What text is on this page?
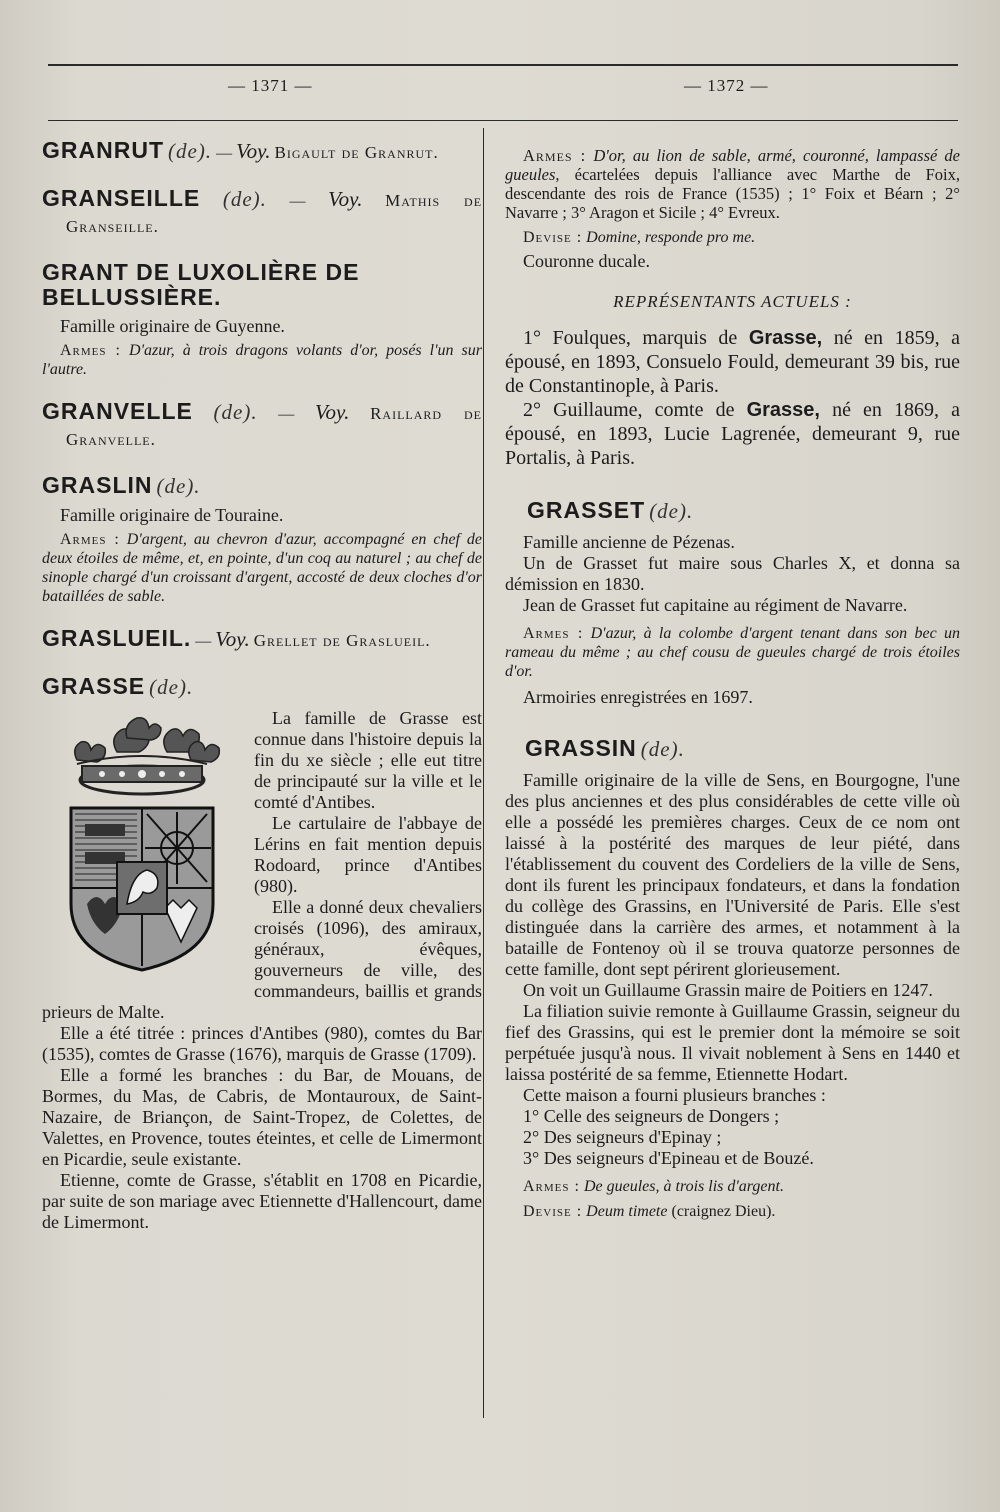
— 1371 —	— 1372 —
GRANRUT (de). — Voy. Bigault de Granrut.
GRANSEILLE (de). — Voy. Mathis de Granseille.
GRANT DE LUXOLIÈRE DE BELLUSSIÈRE.

Famille originaire de Guyenne.

Armes : D'azur, à trois dragons volants d'or, posés l'un sur l'autre.

GRANVELLE (de). — Voy. Raillard de Granvelle.
GRASLIN (de).

Famille originaire de Touraine.

Armes : D'argent, au chevron d'azur, accompagné en chef de deux étoiles de même, et, en pointe, d'un coq au naturel ; au chef de sinople chargé d'un croissant d'argent, accosté de deux cloches d'or bataillées de sable.

GRASLUEIL. — Voy. Grellet de Graslueil.
GRASSE (de).

La famille de Grasse est connue dans l'histoire depuis la fin du xe siècle ; elle eut titre de principauté sur la ville et le comté d'Antibes.

Le cartulaire de l'abbaye de Lérins en fait mention depuis Rodoard, prince d'Antibes (980).

Elle a donné deux chevaliers croisés (1096), des amiraux, généraux, évêques, gouverneurs de ville, des commandeurs, baillis et grands prieurs de Malte.

Elle a été titrée : princes d'Antibes (980), comtes du Bar (1535), comtes de Grasse (1676), marquis de Grasse (1709).

Elle a formé les branches : du Bar, de Mouans, de Bormes, du Mas, de Cabris, de Montauroux, de Saint-Nazaire, de Briançon, de Saint-Tropez, de Colettes, de Valettes, en Provence, toutes éteintes, et celle de Limermont en Picardie, seule existante.

Etienne, comte de Grasse, s'établit en 1708 en Picardie, par suite de son mariage avec Etiennette d'Hallencourt, dame de Limermont.

Armes : D'or, au lion de sable, armé, couronné, lampassé de gueules, écartelées depuis l'alliance avec Marthe de Foix, descendante des rois de France (1535) ; 1° Foix et Béarn ; 2° Navarre ; 3° Aragon et Sicile ; 4° Evreux.

Devise : Domine, responde pro me.

Couronne ducale.

REPRÉSENTANTS ACTUELS :

1° Foulques, marquis de Grasse, né en 1859, a épousé, en 1893, Consuelo Fould, demeurant 39 bis, rue de Constantinople, à Paris.

2° Guillaume, comte de Grasse, né en 1869, a épousé, en 1893, Lucie Lagrenée, demeurant 9, rue Portalis, à Paris.

GRASSET (de).

Famille ancienne de Pézenas.

Un de Grasset fut maire sous Charles X, et donna sa démission en 1830.

Jean de Grasset fut capitaine au régiment de Navarre.

Armes : D'azur, à la colombe d'argent tenant dans son bec un rameau du même ; au chef cousu de gueules chargé de trois étoiles d'or.

Armoiries enregistrées en 1697.

GRASSIN (de).

Famille originaire de la ville de Sens, en Bourgogne, l'une des plus anciennes et des plus considérables de cette ville où elle a possédé les premières charges. Ceux de ce nom ont laissé à la postérité des marques de leur piété, dans l'établissement du couvent des Cordeliers de la ville de Sens, dont ils furent les principaux fondateurs, et dans la fondation du collège des Grassins, en l'Université de Paris. Elle s'est distinguée dans la carrière des armes, et notamment à la bataille de Fontenoy où il se trouva quatorze personnes de cette famille, dont sept périrent glorieusement.

On voit un Guillaume Grassin maire de Poitiers en 1247.

La filiation suivie remonte à Guillaume Grassin, seigneur du fief des Grassins, qui est le premier dont la mémoire se soit perpétuée jusqu'à nous. Il vivait noblement à Sens en 1440 et laissa postérité de sa femme, Etiennette Hodart.

Cette maison a fourni plusieurs branches :

1° Celle des seigneurs de Dongers ;

2° Des seigneurs d'Epinay ;

3° Des seigneurs d'Epineau et de Bouzé.

Armes : De gueules, à trois lis d'argent.

Devise : Deum timete (craignez Dieu).
